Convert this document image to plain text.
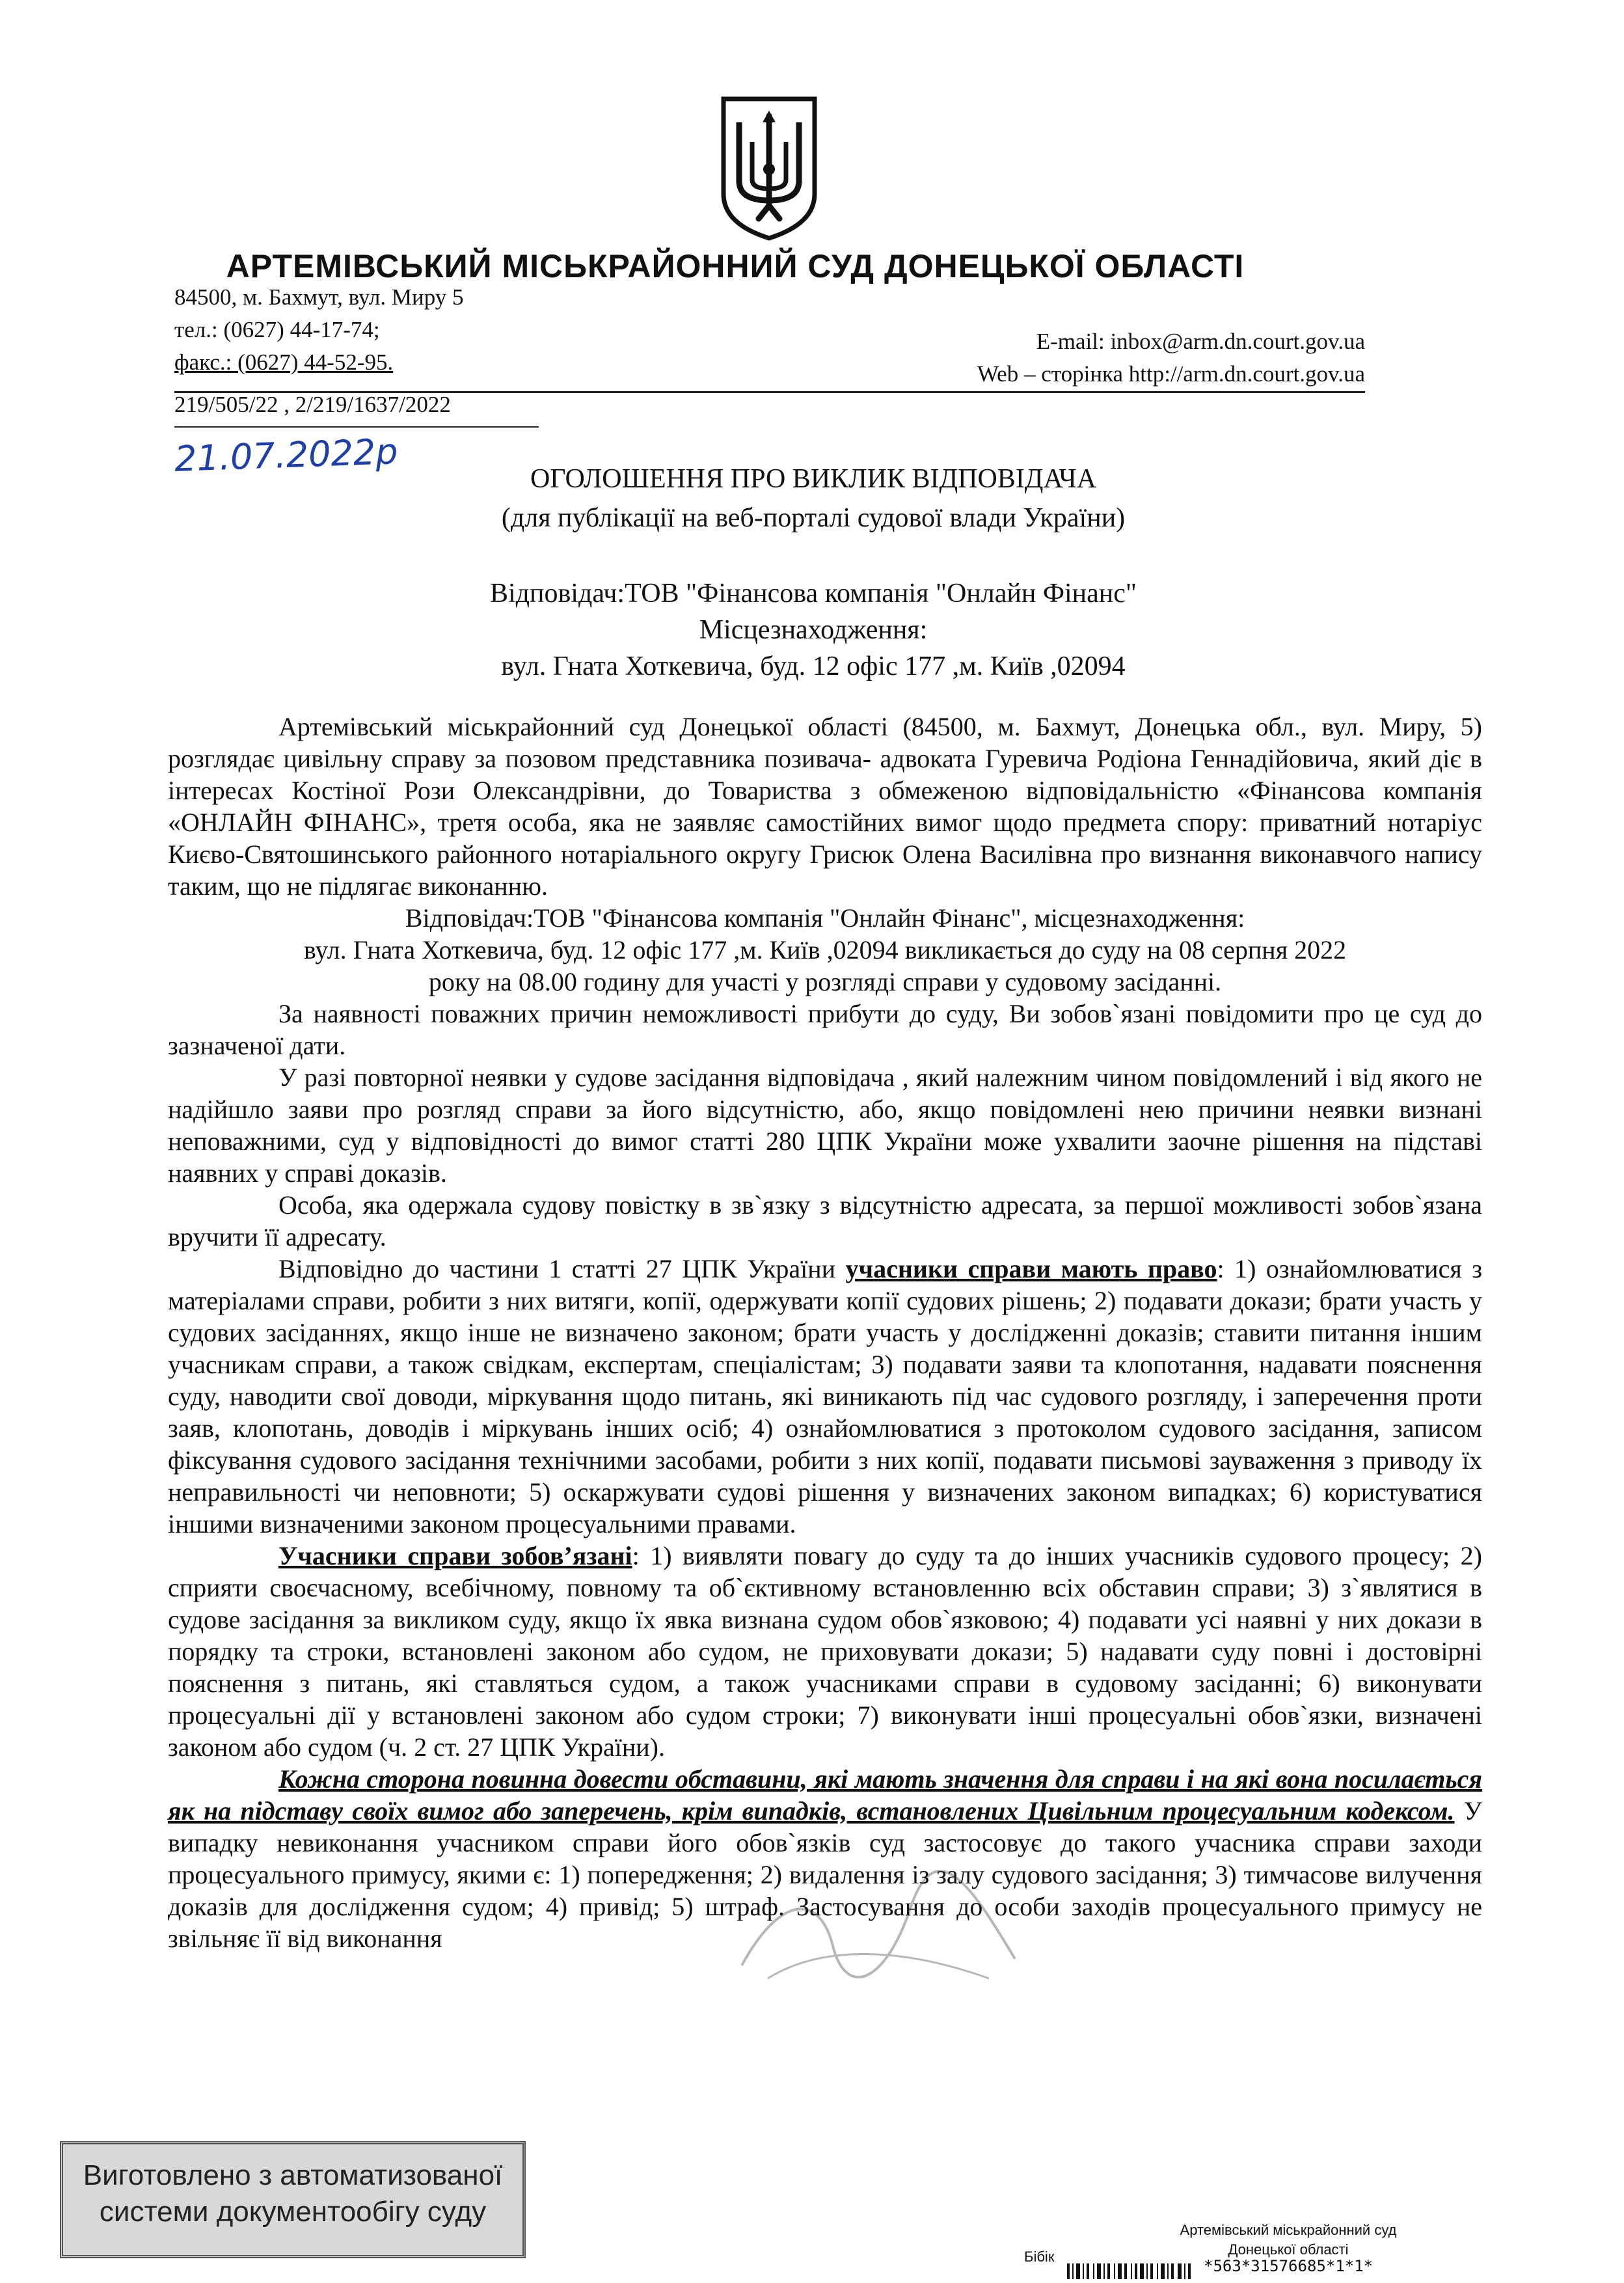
АРТЕМІВСЬКИЙ МІСЬКРАЙОННИЙ СУД ДОНЕЦЬКОЇ ОБЛАСТІ
84500, м. Бахмут, вул. Миру 5
тел.: (0627) 44-17-74;
факс.: (0627) 44-52-95.
E-mail: inbox@arm.dn.court.gov.ua
Web – сторінка http://arm.dn.court.gov.ua
219/505/22 , 2/219/1637/2022
21.07.2022р	ОГОЛОШЕННЯ ПРО ВИКЛИК ВІДПОВІДАЧА
(для публікації на веб-порталі судової влади України)
Відповідач:ТОВ "Фінансова компанія "Онлайн Фінанс"
Місцезнаходження:
вул. Гната Хоткевича, буд. 12 офіс 177 ,м. Київ ,02094

Артемівський міськрайонний суд Донецької області (84500, м. Бахмут, Донецька обл., вул. Миру, 5) розглядає цивільну справу за позовом представника позивача- адвоката Гуревича Родіона Геннадійовича, який діє в інтересах Костіної Рози Олександрівни, до Товариства з обмеженою відповідальністю «Фінансова компанія «ОНЛАЙН ФІНАНС», третя особа, яка не заявляє самостійних вимог щодо предмета спору: приватний нотаріус Києво-Святошинського районного нотаріального округу Грисюк Олена Василівна про визнання виконавчого напису таким, що не підлягає виконанню.

Відповідач:ТОВ "Фінансова компанія "Онлайн Фінанс", місцезнаходження:

вул. Гната Хоткевича, буд. 12 офіс 177 ,м. Київ ,02094 викликається до суду на 08 серпня 2022

року на 08.00 годину для участі у розгляді справи у судовому засіданні.

За наявності поважних причин неможливості прибути до суду, Ви зобов`язані повідомити про це суд до зазначеної дати.

У разі повторної неявки у судове засідання відповідача , який належним чином повідомлений і від якого не надійшло заяви про розгляд справи за його відсутністю, або, якщо повідомлені нею причини неявки визнані неповажними, суд у відповідності до вимог статті 280 ЦПК України може ухвалити заочне рішення на підставі наявних у справі доказів.

Особа, яка одержала судову повістку в зв`язку з відсутністю адресата, за першої можливості зобов`язана вручити її адресату.

Відповідно до частини 1 статті 27 ЦПК України учасники справи мають право: 1) ознайомлюватися з матеріалами справи, робити з них витяги, копії, одержувати копії судових рішень; 2) подавати докази; брати участь у судових засіданнях, якщо інше не визначено законом; брати участь у дослідженні доказів; ставити питання іншим учасникам справи, а також свідкам, експертам, спеціалістам; 3) подавати заяви та клопотання, надавати пояснення суду, наводити свої доводи, міркування щодо питань, які виникають під час судового розгляду, і заперечення проти заяв, клопотань, доводів і міркувань інших осіб; 4) ознайомлюватися з протоколом судового засідання, записом фіксування судового засідання технічними засобами, робити з них копії, подавати письмові зауваження з приводу їх неправильності чи неповноти; 5) оскаржувати судові рішення у визначених законом випадках; 6) користуватися іншими визначеними законом процесуальними правами.

Учасники справи зобов’язані: 1) виявляти повагу до суду та до інших учасників судового процесу; 2) сприяти своєчасному, всебічному, повному та об`єктивному встановленню всіх обставин справи; 3) з`являтися в судове засідання за викликом суду, якщо їх явка визнана судом обов`язковою; 4) подавати усі наявні у них докази в порядку та строки, встановлені законом або судом, не приховувати докази; 5) надавати суду повні і достовірні пояснення з питань, які ставляться судом, а також учасниками справи в судовому засіданні; 6) виконувати процесуальні дії у встановлені законом або судом строки; 7) виконувати інші процесуальні обов`язки, визначені законом або судом (ч. 2 ст. 27 ЦПК України).

Кожна сторона повинна довести обставини, які мають значення для справи і на які вона посилається як на підставу своїх вимог або заперечень, крім випадків, встановлених Цивільним процесуальним кодексом. У випадку невиконання учасником справи його обов`язків суд застосовує до такого учасника справи заходи процесуального примусу, якими є: 1) попередження; 2) видалення із залу судового засідання; 3) тимчасове вилучення доказів для дослідження судом; 4) привід; 5) штраф. Застосування до особи заходів процесуального примусу не звільняє її від виконання

Виготовлено з автоматизованої
системи документообігу суду
Бібік
Артемівський міськрайонний суд
Донецької області
*563*31576685*1*1*
